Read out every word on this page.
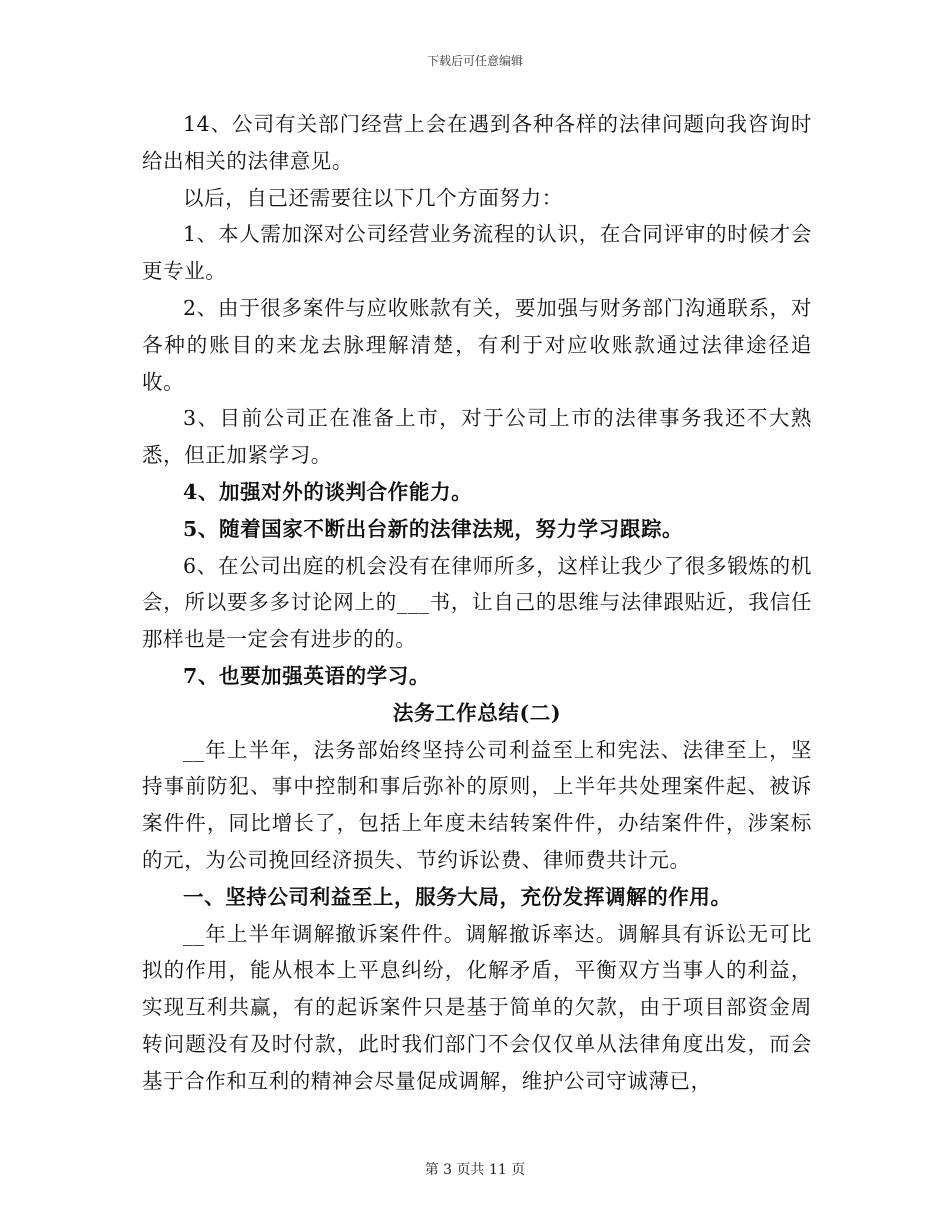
下载后可任意编辑

14、公司有关部门经营上会在遇到各种各样的法律问题向我咨询时给出相关的法律意见。

以后，自己还需要往以下几个方面努力：

1、本人需加深对公司经营业务流程的认识，在合同评审的时候才会更专业。

2、由于很多案件与应收账款有关，要加强与财务部门沟通联系，对各种的账目的来龙去脉理解清楚，有利于对应收账款通过法律途径追收。

3、目前公司正在准备上市，对于公司上市的法律事务我还不大熟悉，但正加紧学习。

4、加强对外的谈判合作能力。

5、随着国家不断出台新的法律法规，努力学习跟踪。

6、在公司出庭的机会没有在律师所多，这样让我少了很多锻炼的机会，所以要多多讨论网上的___书，让自己的思维与法律跟贴近，我信任那样也是一定会有进步的的。

7、也要加强英语的学习。

法务工作总结(二)

__年上半年，法务部始终坚持公司利益至上和宪法、法律至上，坚持事前防犯、事中控制和事后弥补的原则，上半年共处理案件起、被诉案件件，同比增长了，包括上年度未结转案件件，办结案件件，涉案标的元，为公司挽回经济损失、节约诉讼费、律师费共计元。

一、坚持公司利益至上，服务大局，充份发挥调解的作用。

__年上半年调解撤诉案件件。调解撤诉率达。调解具有诉讼无可比拟的作用，能从根本上平息纠纷，化解矛盾，平衡双方当事人的利益，实现互利共赢，有的起诉案件只是基于简单的欠款，由于项目部资金周转问题没有及时付款，此时我们部门不会仅仅单从法律角度出发，而会基于合作和互利的精神会尽量促成调解，维护公司守诚薄已，

第 3 页共 11 页
